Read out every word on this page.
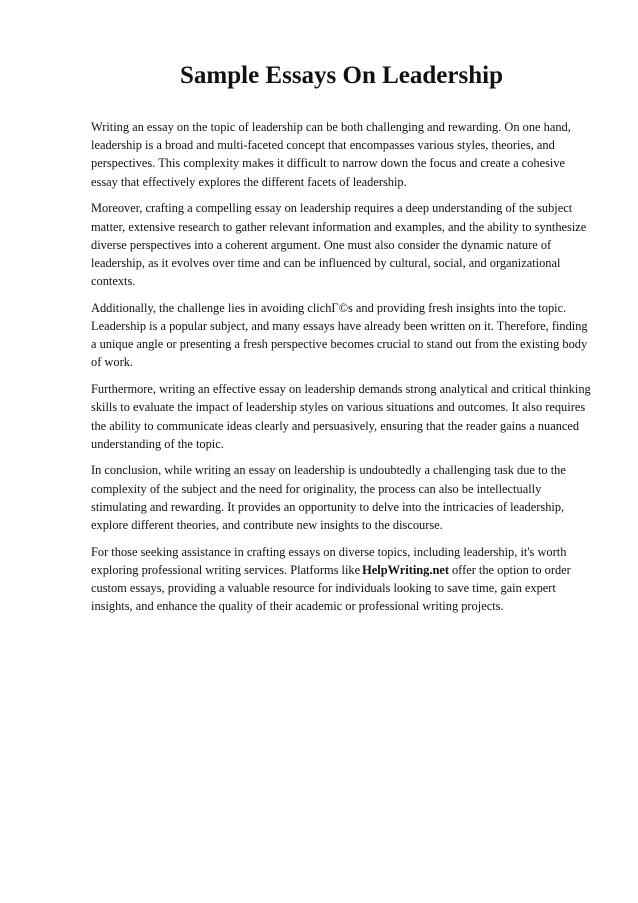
Sample Essays On Leadership

Writing an essay on the topic of leadership can be both challenging and rewarding. On one hand, leadership is a broad and multi-faceted concept that encompasses various styles, theories, and perspectives. This complexity makes it difficult to narrow down the focus and create a cohesive essay that effectively explores the different facets of leadership.

Moreover, crafting a compelling essay on leadership requires a deep understanding of the subject matter, extensive research to gather relevant information and examples, and the ability to synthesize diverse perspectives into a coherent argument. One must also consider the dynamic nature of leadership, as it evolves over time and can be influenced by cultural, social, and organizational contexts.

Additionally, the challenge lies in avoiding clichГ©s and providing fresh insights into the topic. Leadership is a popular subject, and many essays have already been written on it. Therefore, finding a unique angle or presenting a fresh perspective becomes crucial to stand out from the existing body of work.

Furthermore, writing an effective essay on leadership demands strong analytical and critical thinking skills to evaluate the impact of leadership styles on various situations and outcomes. It also requires the ability to communicate ideas clearly and persuasively, ensuring that the reader gains a nuanced understanding of the topic.

In conclusion, while writing an essay on leadership is undoubtedly a challenging task due to the complexity of the subject and the need for originality, the process can also be intellectually stimulating and rewarding. It provides an opportunity to delve into the intricacies of leadership, explore different theories, and contribute new insights to the discourse.

For those seeking assistance in crafting essays on diverse topics, including leadership, it's worth exploring professional writing services. Platforms like HelpWriting.net offer the option to order custom essays, providing a valuable resource for individuals looking to save time, gain expert insights, and enhance the quality of their academic or professional writing projects.
